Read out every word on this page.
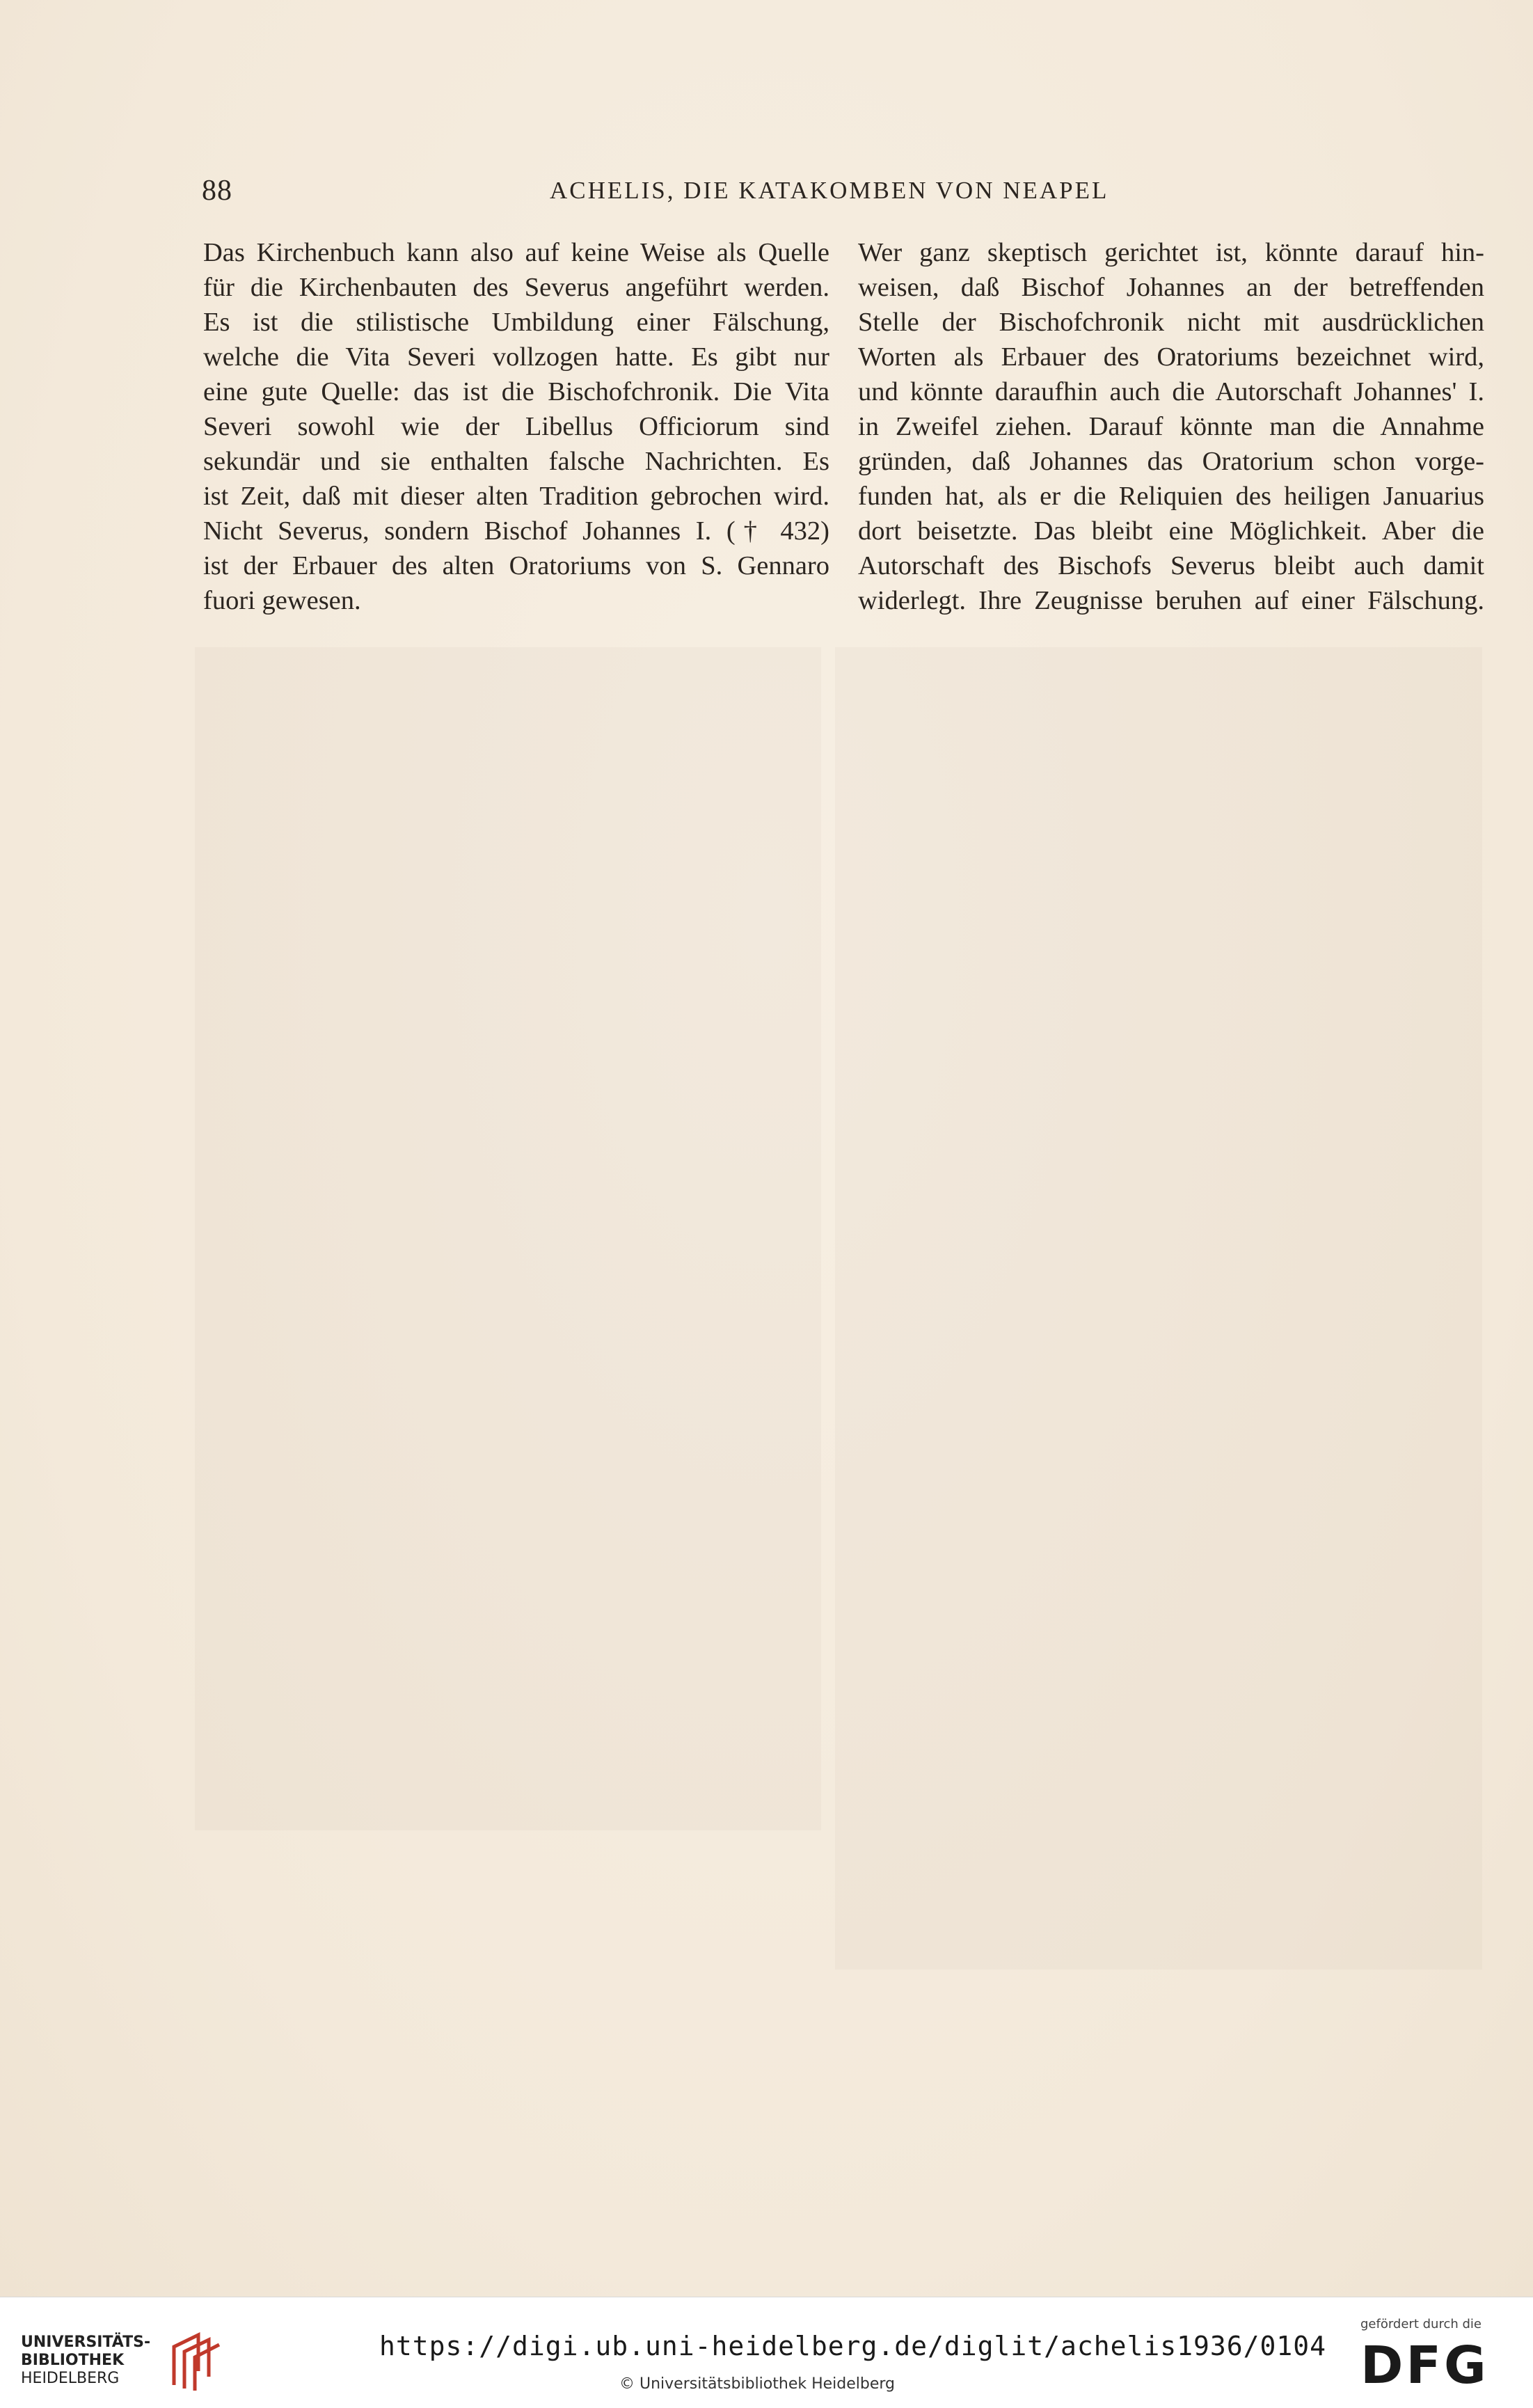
88	ACHELIS, DIE KATAKOMBEN VON NEAPEL
Das Kirchenbuch kann also auf keine Weise als Quelle
für die Kirchenbauten des Severus angeführt werden.
Es ist die stilistische Umbildung einer Fälschung,
welche die Vita Severi vollzogen hatte. Es gibt nur
eine gute Quelle: das ist die Bischofchronik. Die Vita
Severi sowohl wie der Libellus Officiorum sind
sekundär und sie enthalten falsche Nachrichten. Es
ist Zeit, daß mit dieser alten Tradition gebrochen wird.
Nicht Severus, sondern Bischof Johannes I. († 432)
ist der Erbauer des alten Oratoriums von S. Gennaro
fuori gewesen.
Wer ganz skeptisch gerichtet ist, könnte darauf hin-
weisen, daß Bischof Johannes an der betreffenden
Stelle der Bischofchronik nicht mit ausdrücklichen
Worten als Erbauer des Oratoriums bezeichnet wird,
und könnte daraufhin auch die Autorschaft Johannes' I.
in Zweifel ziehen. Darauf könnte man die Annahme
gründen, daß Johannes das Oratorium schon vorge-
funden hat, als er die Reliquien des heiligen Januarius
dort beisetzte. Das bleibt eine Möglichkeit. Aber die
Autorschaft des Bischofs Severus bleibt auch damit
widerlegt. Ihre Zeugnisse beruhen auf einer Fälschung.
UNIVERSITÄTS-
BIBLIOTHEK
HEIDELBERG
https://digi.ub.uni-heidelberg.de/diglit/achelis1936/0104
© Universitätsbibliothek Heidelberg
gefördert durch die
DFG
